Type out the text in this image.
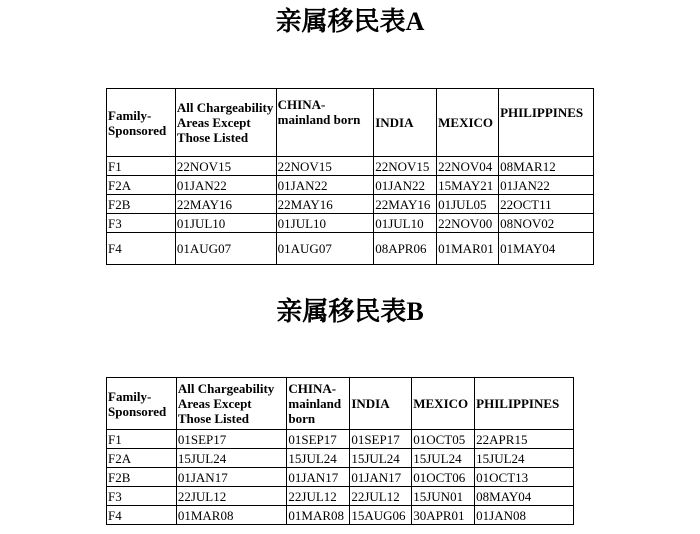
亲属移民表A
Family-Sponsored	All Chargeability Areas Except Those Listed	CHINA-mainland born	INDIA	MEXICO	PHILIPPINES
F1	22NOV15	22NOV15	22NOV15	22NOV04	08MAR12
F2A	01JAN22	01JAN22	01JAN22	15MAY21	01JAN22
F2B	22MAY16	22MAY16	22MAY16	01JUL05	22OCT11
F3	01JUL10	01JUL10	01JUL10	22NOV00	08NOV02
F4	01AUG07	01AUG07	08APR06	01MAR01	01MAY04
亲属移民表B
Family-Sponsored	All Chargeability Areas Except Those Listed	CHINA-mainland born	INDIA	MEXICO	PHILIPPINES
F1	01SEP17	01SEP17	01SEP17	01OCT05	22APR15
F2A	15JUL24	15JUL24	15JUL24	15JUL24	15JUL24
F2B	01JAN17	01JAN17	01JAN17	01OCT06	01OCT13
F3	22JUL12	22JUL12	22JUL12	15JUN01	08MAY04
F4	01MAR08	01MAR08	15AUG06	30APR01	01JAN08
